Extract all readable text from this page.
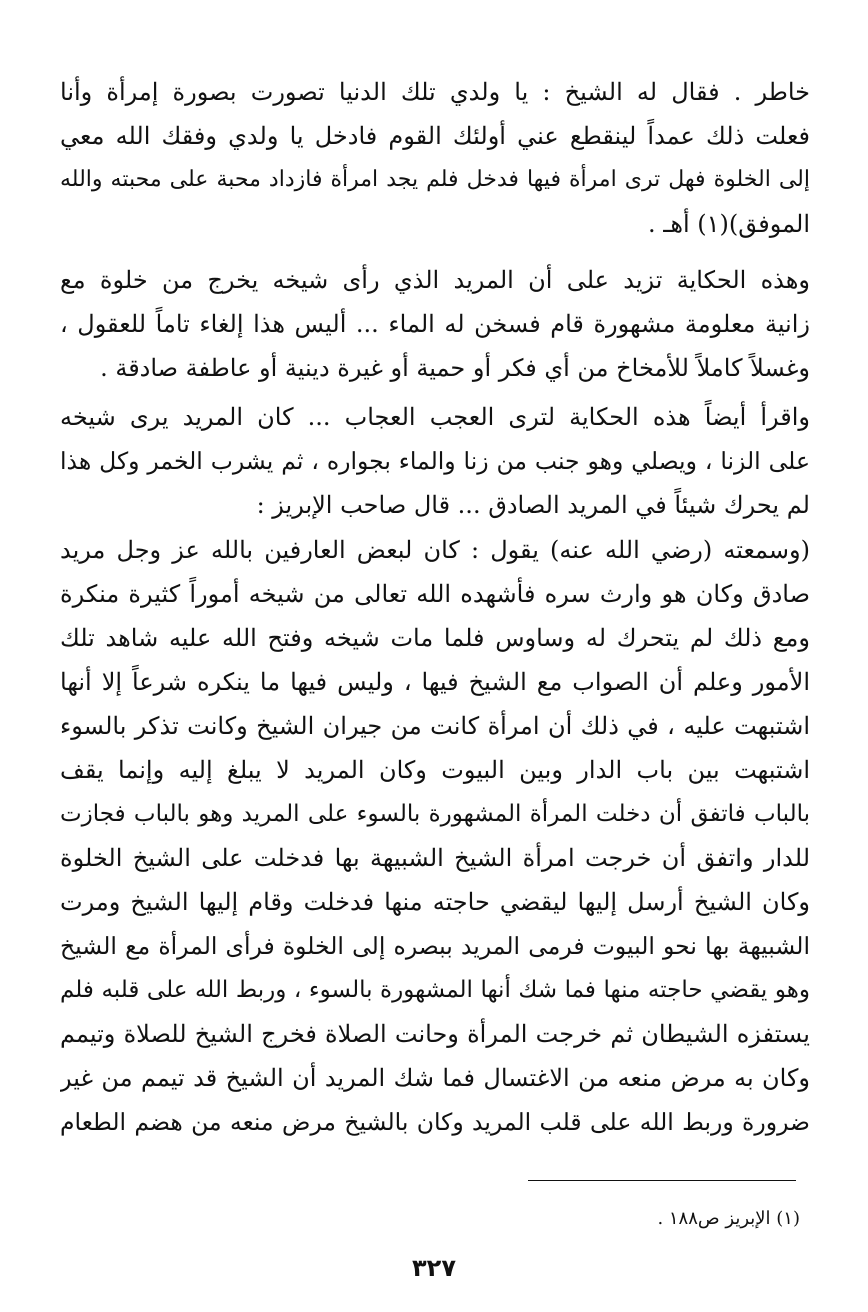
خاطر . فقال له الشيخ : يا ولدي تلك الدنيا تصورت بصورة إمرأة وأنا
فعلت ذلك عمداً لينقطع عني أولئك القوم فادخل يا ولدي وفقك الله معي
إلى الخلوة فهل ترى امرأة فيها فدخل فلم يجد امرأة فازداد محبة على محبته والله
الموفق)(١) أهـ .
وهذه الحكاية تزيد على أن المريد الذي رأى شيخه يخرج من خلوة مع
زانية معلومة مشهورة قام فسخن له الماء ... أليس هذا إلغاء تاماً للعقول ،
وغسلاً كاملاً للأمخاخ من أي فكر أو حمية أو غيرة دينية أو عاطفة صادقة .
واقرأ أيضاً هذه الحكاية لترى العجب العجاب ... كان المريد يرى شيخه
على الزنا ، ويصلي وهو جنب من زنا والماء بجواره ، ثم يشرب الخمر وكل هذا
لم يحرك شيئاً في المريد الصادق ... قال صاحب الإبريز :
(وسمعته (رضي الله عنه) يقول : كان لبعض العارفين بالله عز وجل مريد
صادق وكان هو وارث سره فأشهده الله تعالى من شيخه أموراً كثيرة منكرة
ومع ذلك لم يتحرك له وساوس فلما مات شيخه وفتح الله عليه شاهد تلك
الأمور وعلم أن الصواب مع الشيخ فيها ، وليس فيها ما ينكره شرعاً إلا أنها
اشتبهت عليه ، في ذلك أن امرأة كانت من جيران الشيخ وكانت تذكر بالسوء
اشتبهت بين باب الدار وبين البيوت وكان المريد لا يبلغ إليه وإنما يقف
بالباب فاتفق أن دخلت المرأة المشهورة بالسوء على المريد وهو بالباب فجازت
للدار واتفق أن خرجت امرأة الشيخ الشبيهة بها فدخلت على الشيخ الخلوة
وكان الشيخ أرسل إليها ليقضي حاجته منها فدخلت وقام إليها الشيخ ومرت
الشبيهة بها نحو البيوت فرمى المريد ببصره إلى الخلوة فرأى المرأة مع الشيخ
وهو يقضي حاجته منها فما شك أنها المشهورة بالسوء ، وربط الله على قلبه فلم
يستفزه الشيطان ثم خرجت المرأة وحانت الصلاة فخرج الشيخ للصلاة وتيمم
وكان به مرض منعه من الاغتسال فما شك المريد أن الشيخ قد تيمم من غير
ضرورة وربط الله على قلب المريد وكان بالشيخ مرض منعه من هضم الطعام
(١) الإبريز ص١٨٨ .
٣٢٧
